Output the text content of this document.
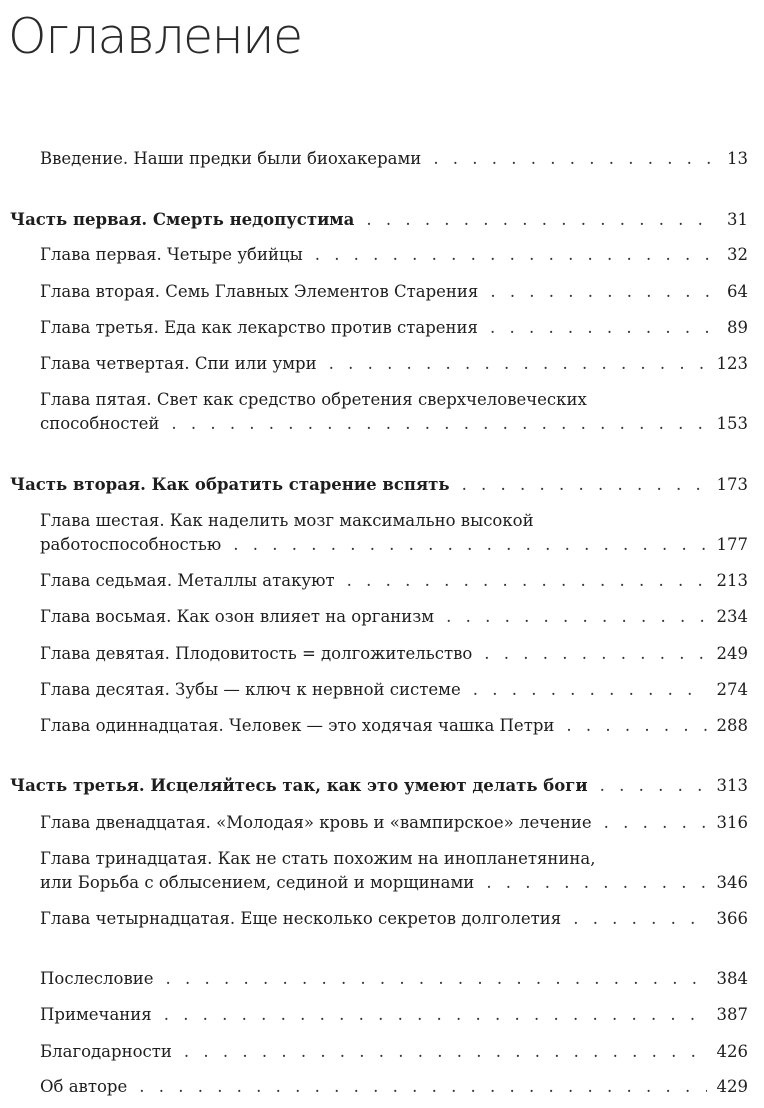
Оглавление
Введение. Наши предки были биохакерами . . .	13
Часть первая. Смерть недопустима . . .	31
Глава первая. Четыре убийцы . . .	32
Глава вторая. Семь Главных Элементов Старения . . .	64
Глава третья. Еда как лекарство против старения . . .	89
Глава четвертая. Спи или умри . . .	123
Глава пятая. Свет как средство обретения сверхчеловеческих
способностей . . .	153
Часть вторая. Как обратить старение вспять . . .	173
Глава шестая. Как наделить мозг максимально высокой
работоспособностью . . .	177
Глава седьмая. Металлы атакуют . . .	213
Глава восьмая. Как озон влияет на организм . . .	234
Глава девятая. Плодовитость = долгожительство . . .	249
Глава десятая. Зубы — ключ к нервной системе . . .	274
Глава одиннадцатая. Человек — это ходячая чашка Петри . . .	288
Часть третья. Исцеляйтесь так, как это умеют делать боги . . .	313
Глава двенадцатая. «Молодая» кровь и «вампирское» лечение . . .	316
Глава тринадцатая. Как не стать похожим на инопланетянина,
или Борьба с облысением, сединой и морщинами . . .	346
Глава четырнадцатая. Еще несколько секретов долголетия . . .	366
Послесловие . . .	384
Примечания . . .	387
Благодарности . . .	426
Об авторе . . .	429
